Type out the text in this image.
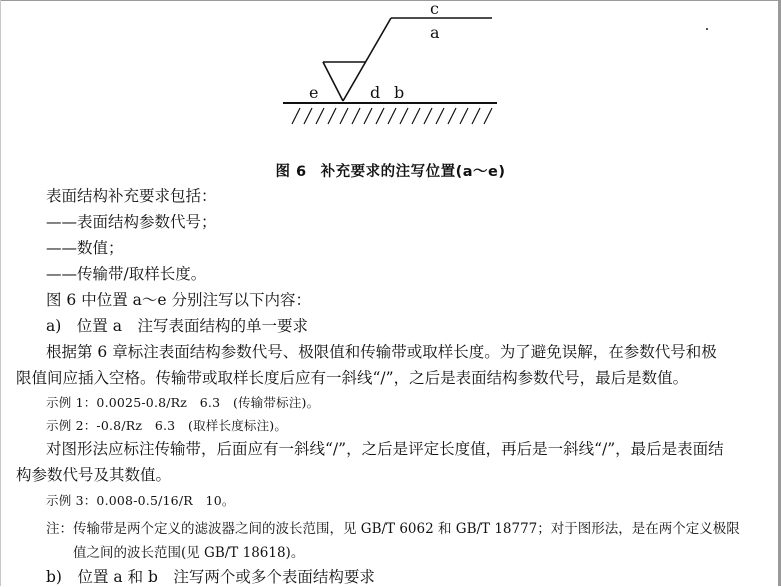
c
a
e	d b
图 6 补充要求的注写位置(a～e)
表面结构补充要求包括：
——表面结构参数代号；
——数值；
——传输带/取样长度。
图 6 中位置 a～e 分别注写以下内容：
a)　位置 a　注写表面结构的单一要求
根据第 6 章标注表面结构参数代号、极限值和传输带或取样长度。为了避免误解，在参数代号和极
限值间应插入空格。传输带或取样长度后应有一斜线“/”，之后是表面结构参数代号，最后是数值。
示例 1：0.0025-0.8/Rz　6.3　(传输带标注)。
示例 2：-0.8/Rz　6.3　(取样长度标注)。
对图形法应标注传输带，后面应有一斜线“/”，之后是评定长度值，再后是一斜线“/”，最后是表面结
构参数代号及其数值。
示例 3：0.008-0.5/16/R　10。
注：传输带是两个定义的滤波器之间的波长范围，见 GB/T 6062 和 GB/T 18777；对于图形法，是在两个定义极限
值之间的波长范围(见 GB/T 18618)。
b)　位置 a 和 b　注写两个或多个表面结构要求
